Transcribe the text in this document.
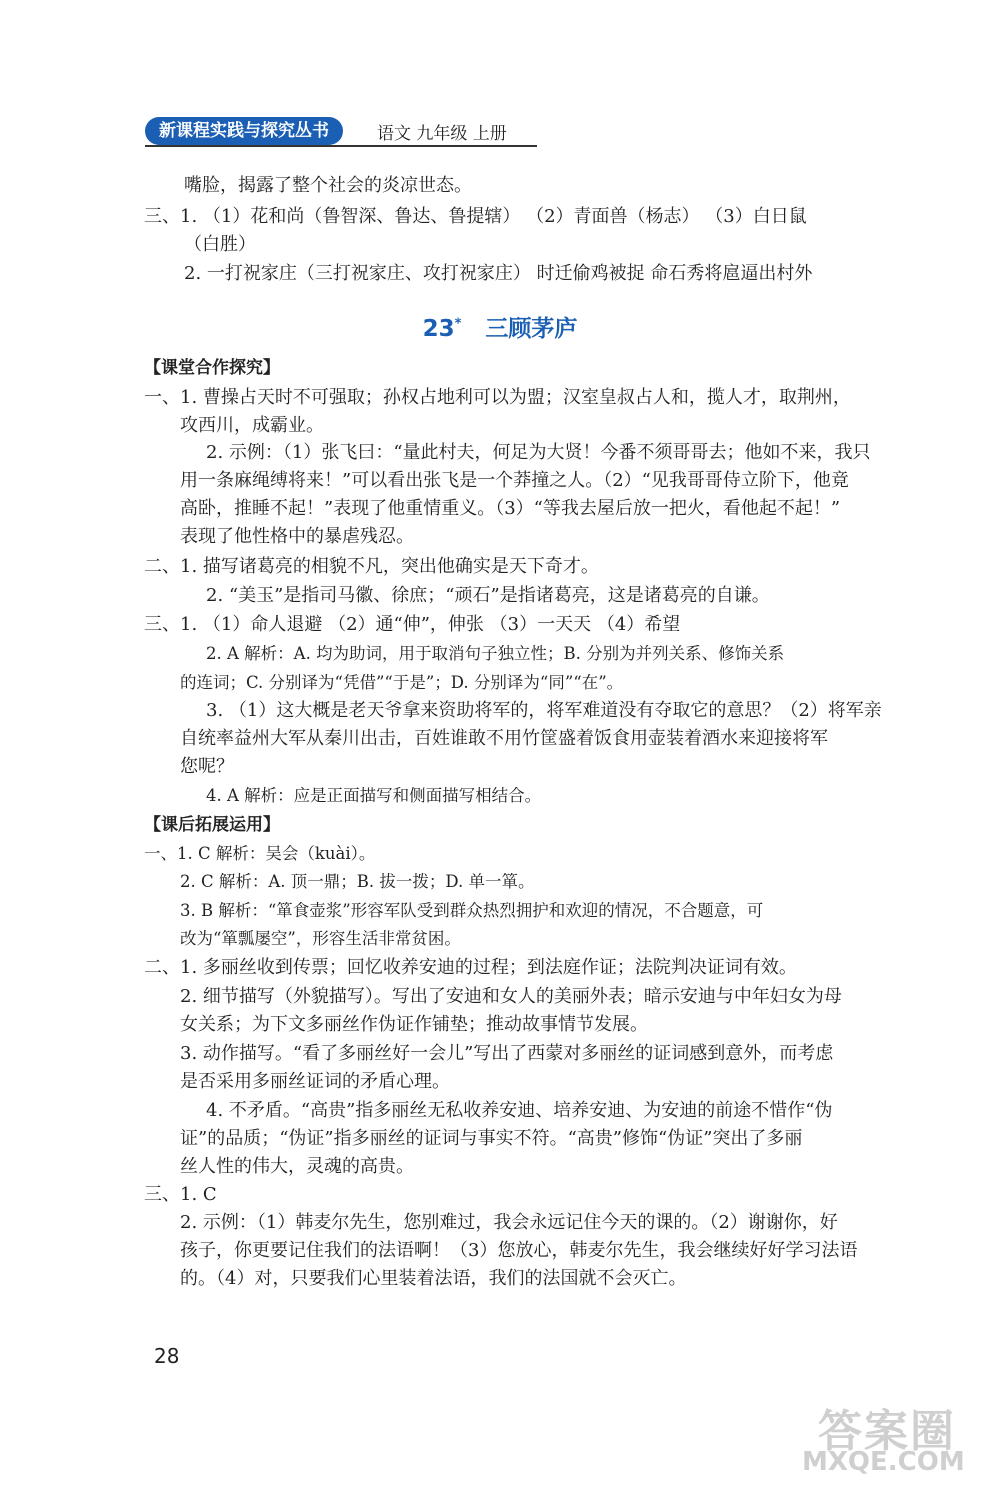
新课程实践与探究丛书	语文 九年级 上册
嘴脸，揭露了整个社会的炎凉世态。
三、1. （1）花和尚（鲁智深、鲁达、鲁提辖） （2）青面兽（杨志） （3）白日鼠
（白胜）
2. 一打祝家庄（三打祝家庄、攻打祝家庄） 时迁偷鸡被捉 命石秀将扈逼出村外
23* 三顾茅庐
【课堂合作探究】
一、1. 曹操占天时不可强取；孙权占地利可以为盟；汉室皇叔占人和，揽人才，取荆州，
攻西川，成霸业。
2. 示例：（1）张飞曰：“量此村夫，何足为大贤！今番不须哥哥去；他如不来，我只
用一条麻绳缚将来！”可以看出张飞是一个莽撞之人。（2）“见我哥哥侍立阶下，他竟
高卧，推睡不起！”表现了他重情重义。（3）“等我去屋后放一把火，看他起不起！”
表现了他性格中的暴虐残忍。
二、1. 描写诸葛亮的相貌不凡，突出他确实是天下奇才。
2. “美玉”是指司马徽、徐庶；“顽石”是指诸葛亮，这是诸葛亮的自谦。
三、1. （1）命人退避 （2）通“伸”，伸张 （3）一天天 （4）希望
2. A 解析：A. 均为助词，用于取消句子独立性；B. 分别为并列关系、修饰关系
的连词；C. 分别译为“凭借”“于是”；D. 分别译为“同”“在”。
3. （1）这大概是老天爷拿来资助将军的，将军难道没有夺取它的意思？（2）将军亲
自统率益州大军从秦川出击，百姓谁敢不用竹筐盛着饭食用壶装着酒水来迎接将军
您呢？
4. A 解析：应是正面描写和侧面描写相结合。
【课后拓展运用】
一、1. C 解析：吴会（kuài）。
2. C 解析：A. 顶一鼎；B. 拔一拨；D. 单一箪。
3. B 解析：“箪食壶浆”形容军队受到群众热烈拥护和欢迎的情况，不合题意，可
改为“箪瓢屡空”，形容生活非常贫困。
二、1. 多丽丝收到传票；回忆收养安迪的过程；到法庭作证；法院判决证词有效。
2. 细节描写（外貌描写）。写出了安迪和女人的美丽外表；暗示安迪与中年妇女为母
女关系；为下文多丽丝作伪证作铺垫；推动故事情节发展。
3. 动作描写。“看了多丽丝好一会儿”写出了西蒙对多丽丝的证词感到意外，而考虑
是否采用多丽丝证词的矛盾心理。
4. 不矛盾。“高贵”指多丽丝无私收养安迪、培养安迪、为安迪的前途不惜作“伪
证”的品质；“伪证”指多丽丝的证词与事实不符。“高贵”修饰“伪证”突出了多丽
丝人性的伟大，灵魂的高贵。
三、1. C
2. 示例：（1）韩麦尔先生，您别难过，我会永远记住今天的课的。（2）谢谢你，好
孩子，你更要记住我们的法语啊！（3）您放心，韩麦尔先生，我会继续好好学习法语
的。（4）对，只要我们心里装着法语，我们的法国就不会灭亡。
28
答案圈
MXQE.COM
